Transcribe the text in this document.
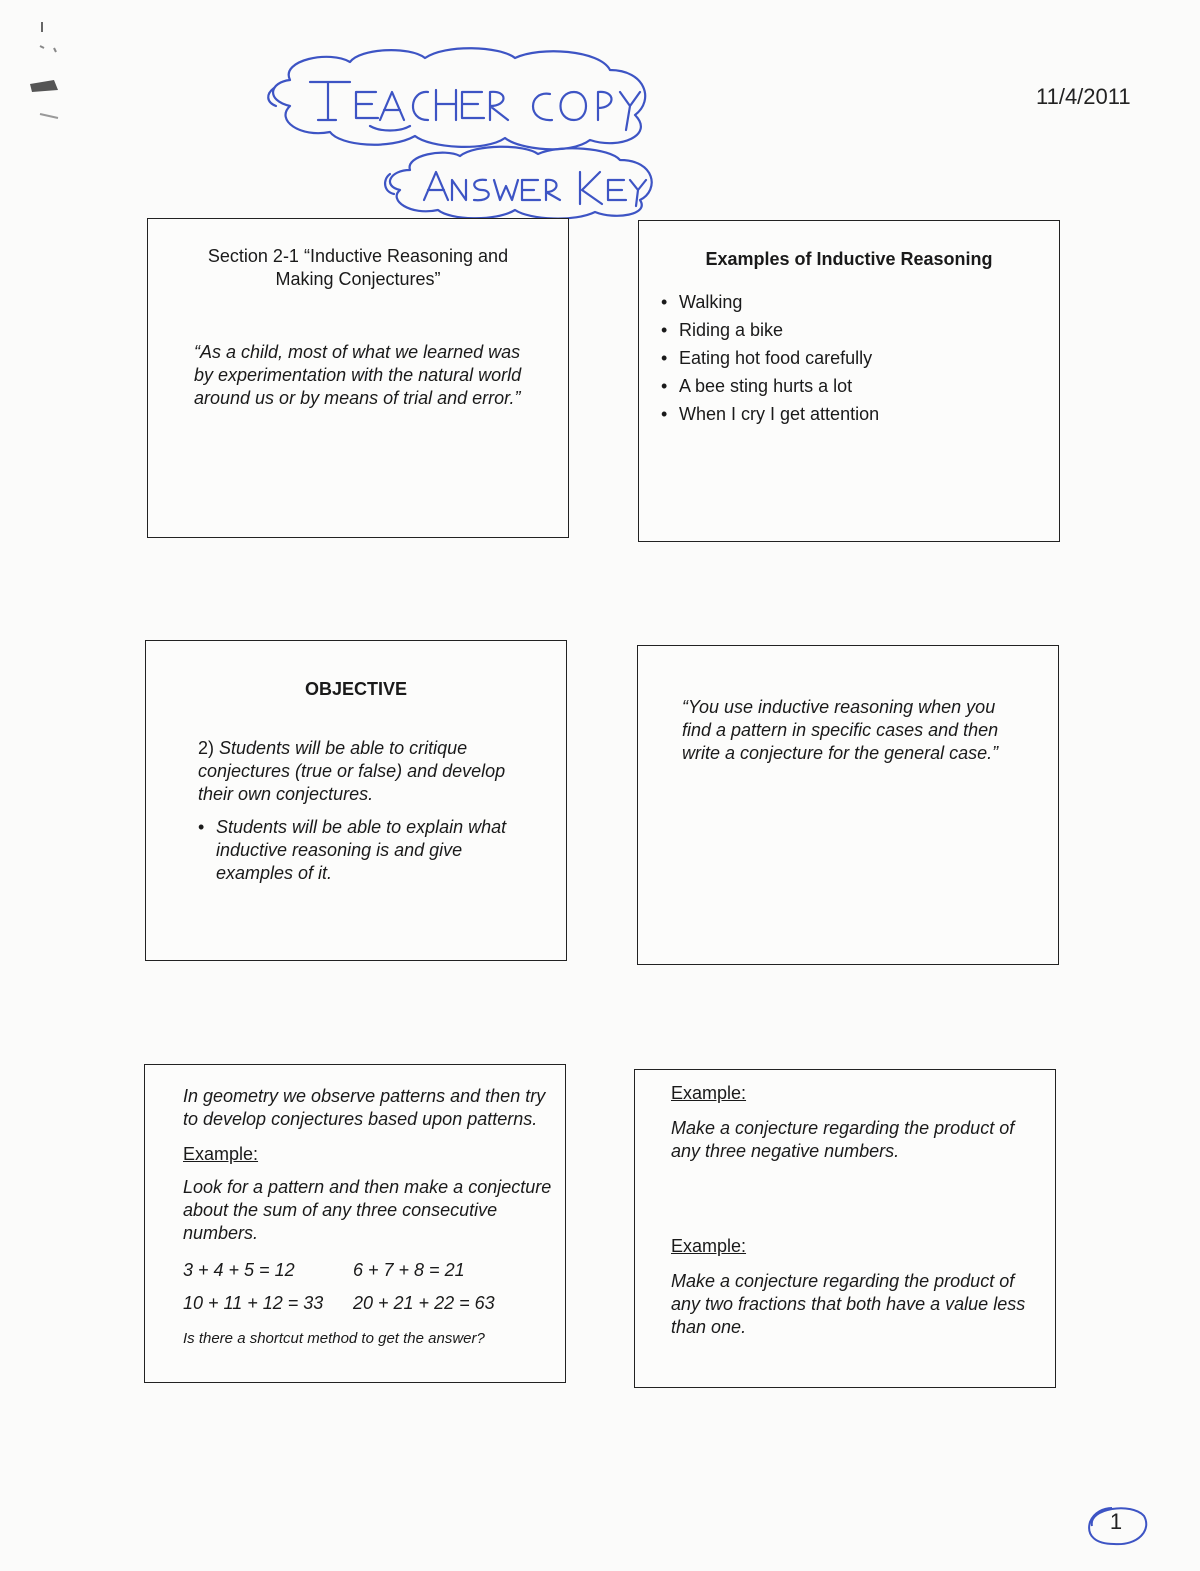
11/4/2011
Section 2-1 “Inductive Reasoning and Making Conjectures”
“As a child, most of what we learned was by experimentation with the natural world around us or by means of trial and error.”
Examples of Inductive Reasoning
• Walking
• Riding a bike
• Eating hot food carefully
• A bee sting hurts a lot
• When I cry I get attention
OBJECTIVE
2) Students will be able to critique conjectures (true or false) and develop their own conjectures.
• Students will be able to explain what inductive reasoning is and give examples of it.
“You use inductive reasoning when you find a pattern in specific cases and then write a conjecture for the general case.”
In geometry we observe patterns and then try to develop conjectures based upon patterns.
Example:
Look for a pattern and then make a conjecture about the sum of any three consecutive numbers.
3 + 4 + 5 = 12	6 + 7 + 8 = 21
10 + 11 + 12 = 33	20 + 21 + 22 = 63
Is there a shortcut method to get the answer?
Example:
Make a conjecture regarding the product of any three negative numbers.
Example:
Make a conjecture regarding the product of any two fractions that both have a value less than one.
1
